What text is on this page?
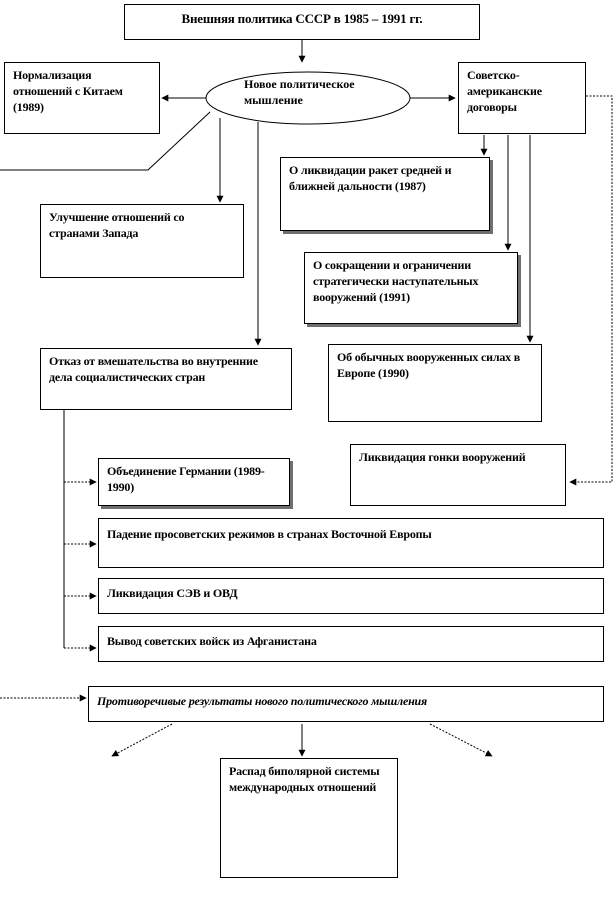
Внешняя политика СССР в 1985 – 1991 гг.
Новое политическое мышление
Нормализация отношений с Китаем (1989)
Советско-американские договоры
Улучшение отношений со странами Запада
О ликвидации ракет средней и ближней дальности (1987)
О сокращении и ограничении стратегически наступательных вооружений (1991)
Отказ от вмешательства во внутренние дела социалистических стран
Об обычных вооруженных силах в Европе (1990)
Ликвидация гонки вооружений
Объединение Германии (1989-1990)
Падение просоветских режимов в странах Восточной Европы
Ликвидация СЭВ и ОВД
Вывод советских войск из Афганистана
Противоречивые результаты нового политического мышления
Распад биполярной системы международных отношений
